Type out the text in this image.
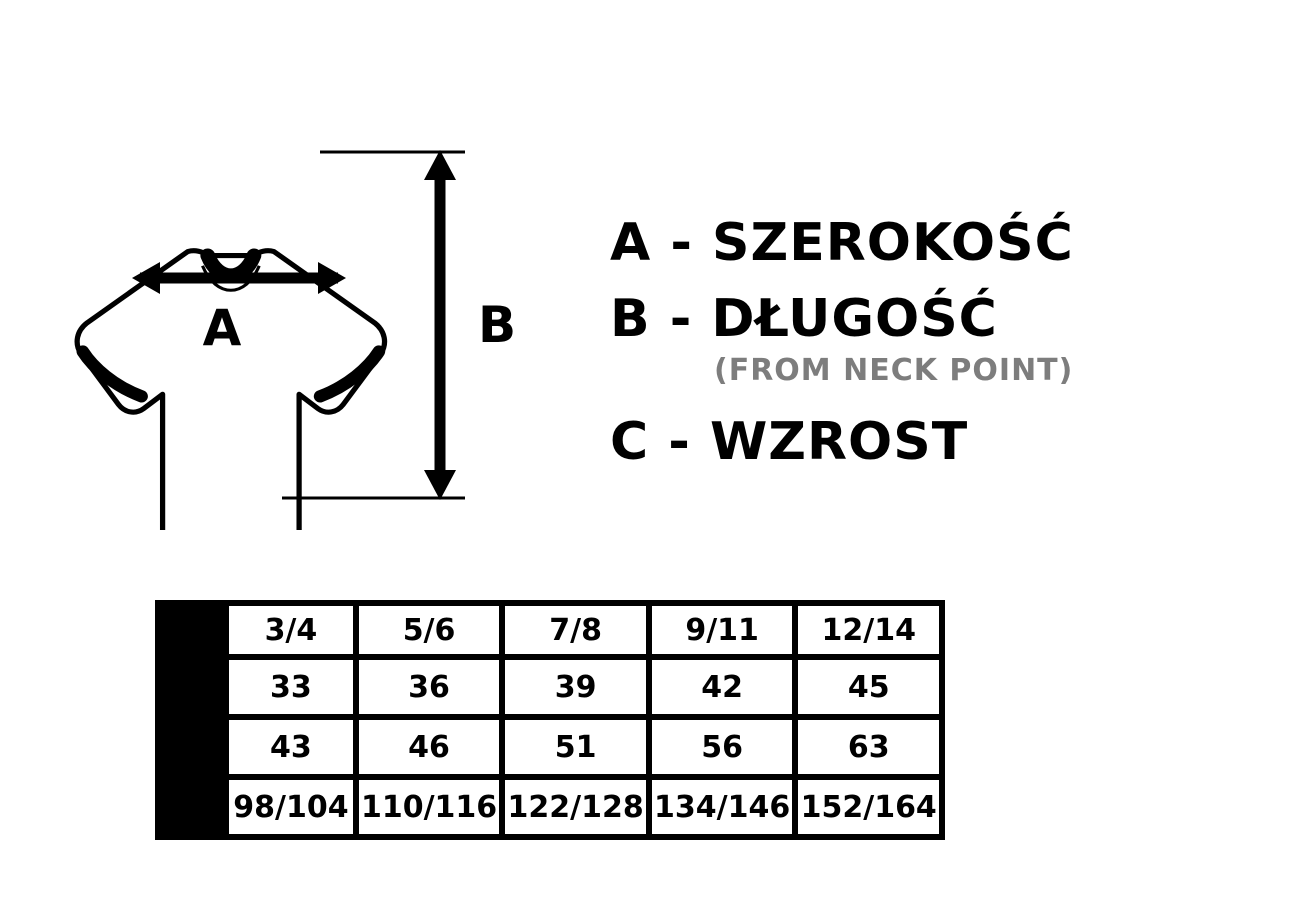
A	B
A - SZEROKOŚĆ
B - DŁUGOŚĆ
(FROM NECK POINT)
C - WZROST
	3/4	5/6	7/8	9/11	12/14
A	33	36	39	42	45
B	43	46	51	56	63
C	98/104	110/116	122/128	134/146	152/164
